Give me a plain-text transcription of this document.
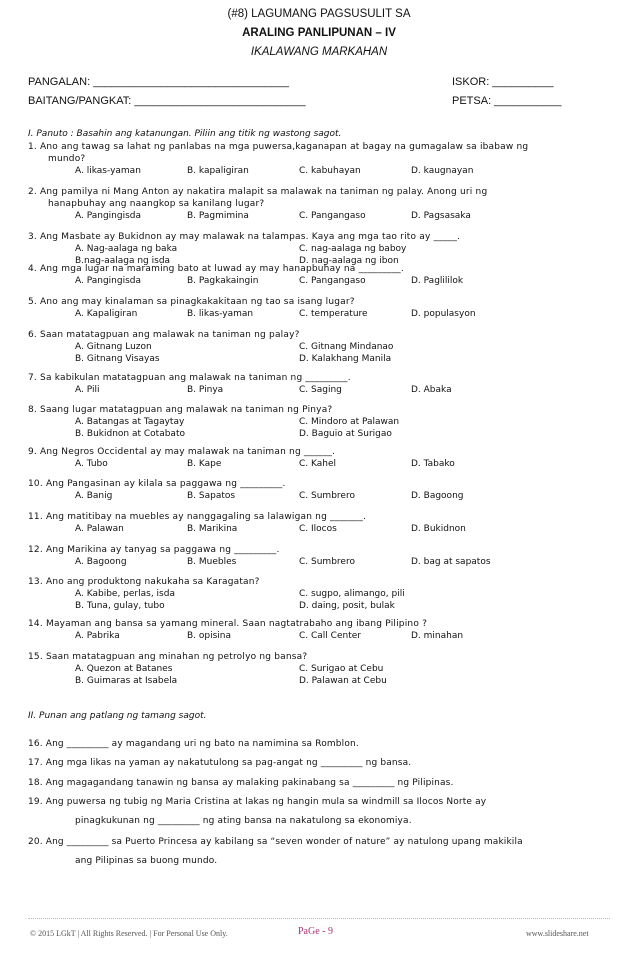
(#8) LAGUMANG PAGSUSULIT SA
ARALING PANLIPUNAN – IV
IKALAWANG MARKAHAN
PANGALAN: ________________________________
BAITANG/PANGKAT: ____________________________
ISKOR: __________
PETSA: ___________
I. Panuto : Basahin ang katanungan. Piliin ang titik ng wastong sagot.
1. Ano ang tawag sa lahat ng panlabas na mga puwersa,kaganapan at bagay na gumagalaw sa ibabaw ng
mundo?
A. likas-yaman	B. kapaligiran	C. kabuhayan	D. kaugnayan
2. Ang pamilya ni Mang Anton ay nakatira malapit sa malawak na taniman ng palay. Anong uri ng
hanapbuhay ang naangkop sa kanilang lugar?
A. Pangingisda	B. Pagmimina	C. Pangangaso	D. Pagsasaka
3. Ang Masbate ay Bukidnon ay may malawak na talampas. Kaya ang mga tao rito ay _____.
A. Nag-aalaga ng baka	C. nag-aalaga ng baboy
B.nag-aalaga ng isda	D. nag-aalaga ng ibon
4. Ang mga lugar na maraming bato at luwad ay may hanapbuhay na _________.
A. Pangingisda	B. Pagkakaingin	C. Pangangaso	D. Paglililok
5. Ano ang may kinalaman sa pinagkakakitaan ng tao sa isang lugar?
A. Kapaligiran	B. likas-yaman	C. temperature	D. populasyon
6. Saan matatagpuan ang malawak na taniman ng palay?
A. Gitnang Luzon	C. Gitnang Mindanao
B. Gitnang Visayas	D. Kalakhang Manila
7. Sa kabikulan matatagpuan ang malawak na taniman ng _________.
A. Pili	B. Pinya	C. Saging	D. Abaka
8. Saang lugar matatagpuan ang malawak na taniman ng Pinya?
A. Batangas at Tagaytay	C. Mindoro at Palawan
B. Bukidnon at Cotabato	D. Baguio at Surigao
9. Ang Negros Occidental ay may malawak na taniman ng ______.
A. Tubo	B. Kape	C. Kahel	D. Tabako
10. Ang Pangasinan ay kilala sa paggawa ng _________.
A. Banig	B. Sapatos	C. Sumbrero	D. Bagoong
11. Ang matitibay na muebles ay nanggagaling sa lalawigan ng _______.
A. Palawan	B. Marikina	C. Ilocos	D. Bukidnon
12. Ang Marikina ay tanyag sa paggawa ng _________.
A. Bagoong	B. Muebles	C. Sumbrero	D. bag at sapatos
13. Ano ang produktong nakukaha sa Karagatan?
A. Kabibe, perlas, isda	C. sugpo, alimango, pili
B. Tuna, gulay, tubo	D. daing, posit, bulak
14. Mayaman ang bansa sa yamang mineral. Saan nagtatrabaho ang ibang Pilipino ?
A. Pabrika	B. opisina	C. Call Center	D. minahan
15. Saan matatagpuan ang minahan ng petrolyo ng bansa?
A. Quezon at Batanes	C. Surigao at Cebu
B. Guimaras at Isabela	D. Palawan at Cebu
II. Punan ang patlang ng tamang sagot.
16. Ang _________ ay magandang uri ng bato na namimina sa Romblon.
17. Ang mga likas na yaman ay nakatutulong sa pag-angat ng _________ ng bansa.
18. Ang magagandang tanawin ng bansa ay malaking pakinabang sa _________ ng Pilipinas.
19. Ang puwersa ng tubig ng Maria Cristina at lakas ng hangin mula sa windmill sa Ilocos Norte ay
pinagkukunan ng _________ ng ating bansa na nakatulong sa ekonomiya.
20. Ang _________ sa Puerto Princesa ay kabilang sa “seven wonder of nature” ay natulong upang makikila
ang Pilipinas sa buong mundo.
© 2015 LGkT | All Rights Reserved. | For Personal Use Only.	PaGe - 9	www.slideshare.net
